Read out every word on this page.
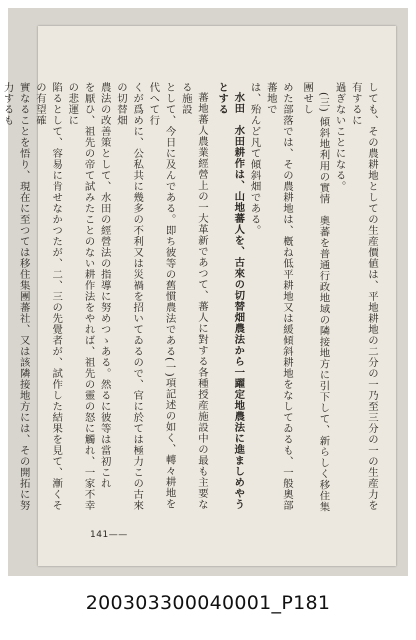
しても、その農耕地としての生産價値は、平地耕地の二分の一乃至三分の一の生産力を有するに

過ぎないことになる。

(三) 傾斜地利用の實情　奧蕃を普通行政地域の隣接地方に引下して、新らしく移住集團せし

めた部落では、その農耕地は、槪ね低平耕地又は緩傾斜耕地をなしてゐるも、一般奧部蕃地で

は、殆んど凡て傾斜畑である。

水田　水田耕作は、山地蕃人を、古來の切替畑農法から一躍定地農法に進ましめやうとする

蕃地蕃人農業經營上の一大革新であつて、蕃人に對する各種授産施設中の最も主要なる施設

として、今日に及んである。即ち彼等の舊慣農法である(一)項記述の如く、轉々耕地を代へて行

くが爲めに、公私共に幾多の不利又は災禍を招いてゐるので、官に於ては極力この古來の切替畑

農法の改善策として、水田の經營法の指導に努めつゝある。然るに彼等は當初これ

を厭ひ、祖先の帝て試みたことのない耕作法をやれば、祖先の靈の怒に觸れ、一家不幸の悲運に

陷るとして、容易に肯せなかつたが、二、三の先覺者が、試作した結果を見て、漸くその有望確

實なることを悟り、現在に至つては移住集團蕃社、又は該隣接地方には、その開拓に努力するも

141——
200303300040001_P181
